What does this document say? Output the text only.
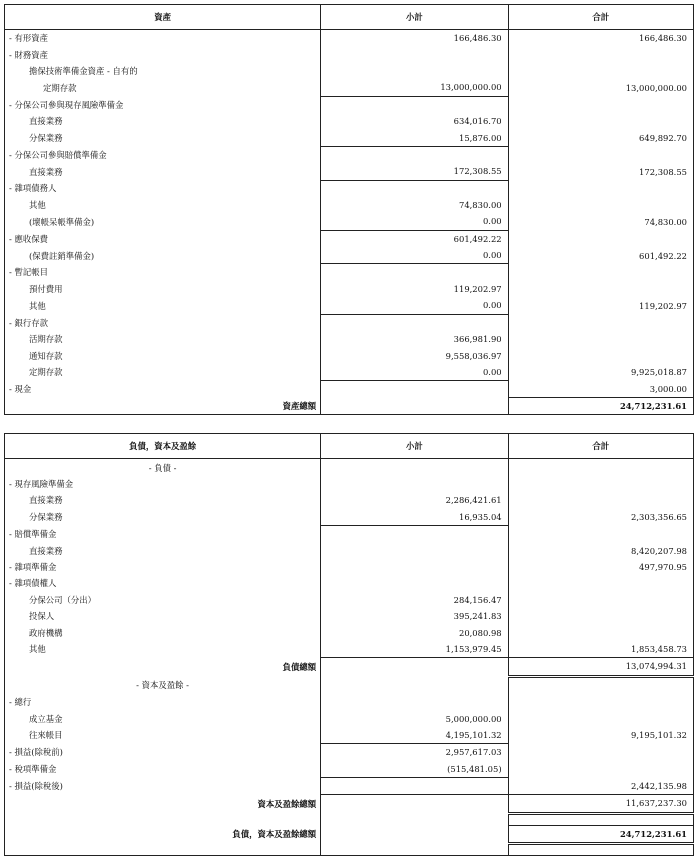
資產	小計	合計
- 有形資產	166,486.30	166,486.30
- 財務資產		
擔保技術準備金資產 - 自有的		
定期存款	13,000,000.00	13,000,000.00
- 分保公司參與現存風險準備金		
直接業務	634,016.70	
分保業務	15,876.00	649,892.70
- 分保公司參與賠償準備金		
直接業務	172,308.55	172,308.55
- 雜項債務人		
其他	74,830.00	
(壞帳呆帳準備金)	0.00	74,830.00
- 應收保費	601,492.22	
(保費註銷準備金)	0.00	601,492.22
- 暫記帳目		
預付費用	119,202.97	
其他	0.00	119,202.97
- 銀行存款		
活期存款	366,981.90	
通知存款	9,558,036.97	
定期存款	0.00	9,925,018.87
- 現金		3,000.00
資產總額		24,712,231.61

負債，資本及盈餘	小計	合計
- 負債 -		
- 現存風險準備金		
直接業務	2,286,421.61	
分保業務	16,935.04	2,303,356.65
- 賠償準備金		
直接業務		8,420,207.98
- 雜項準備金		497,970.95
- 雜項債權人		
分保公司（分出）	284,156.47	
投保人	395,241.83	
政府機構	20,080.98	
其他	1,153,979.45	1,853,458.73
負債總額		13,074,994.31
- 資本及盈餘 -		
- 總行		
成立基金	5,000,000.00	
往來帳目	4,195,101.32	9,195,101.32
- 損益(除稅前)	2,957,617.03	
- 稅項準備金	(515,481.05)	
- 損益(除稅後)		2,442,135.98
資本及盈餘總額		11,637,237.30

負債，資本及盈餘總額		24,712,231.61
